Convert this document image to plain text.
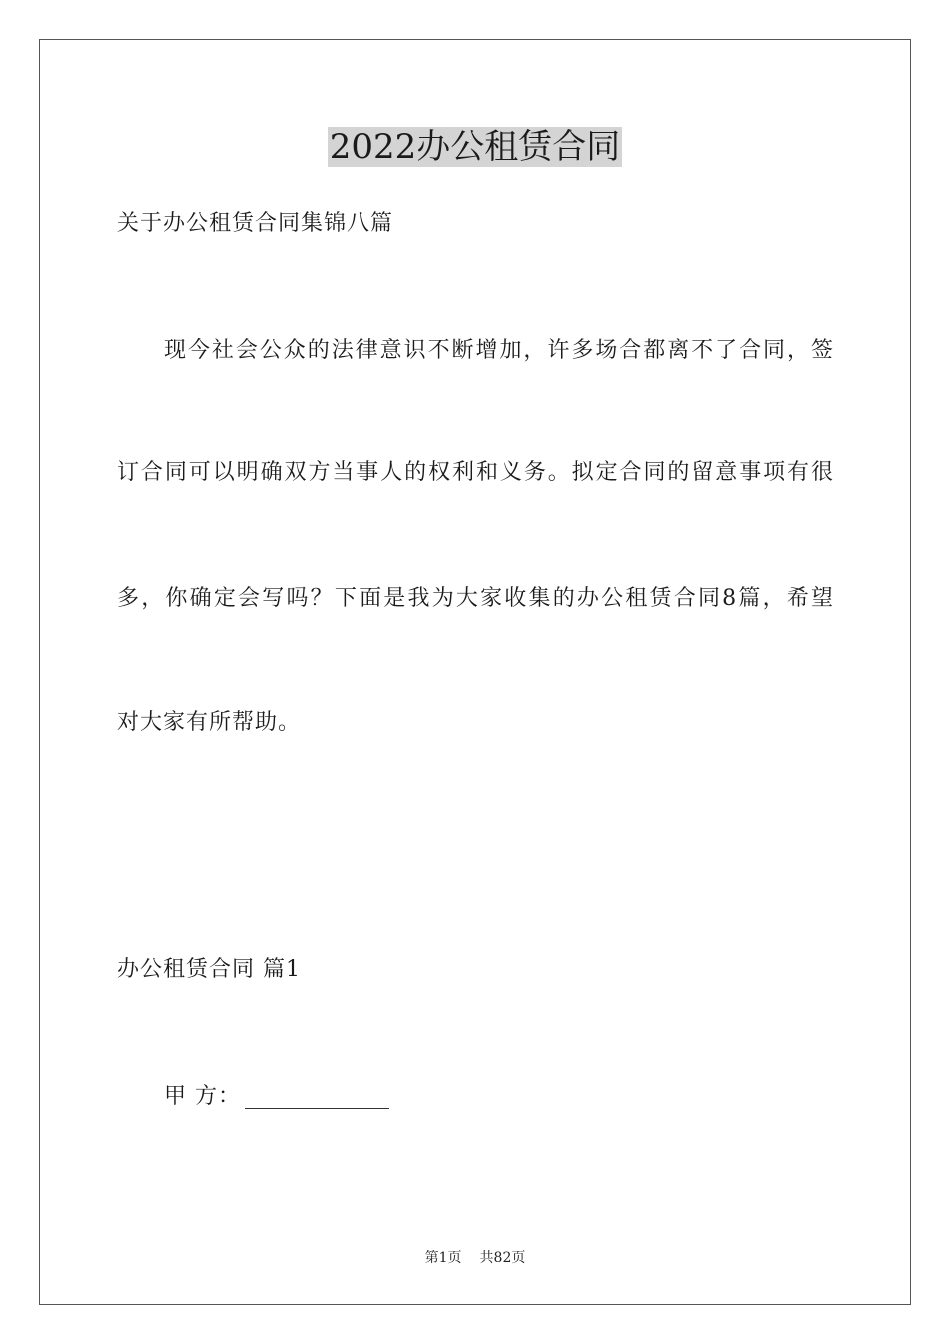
2022办公租赁合同
关于办公租赁合同集锦八篇
现今社会公众的法律意识不断增加，许多场合都离不了合同，签
订合同可以明确双方当事人的权利和义务。拟定合同的留意事项有很
多，你确定会写吗？下面是我为大家收集的办公租赁合同8篇，希望
对大家有所帮助。
办公租赁合同 篇1
甲 方：
第1页 共82页
